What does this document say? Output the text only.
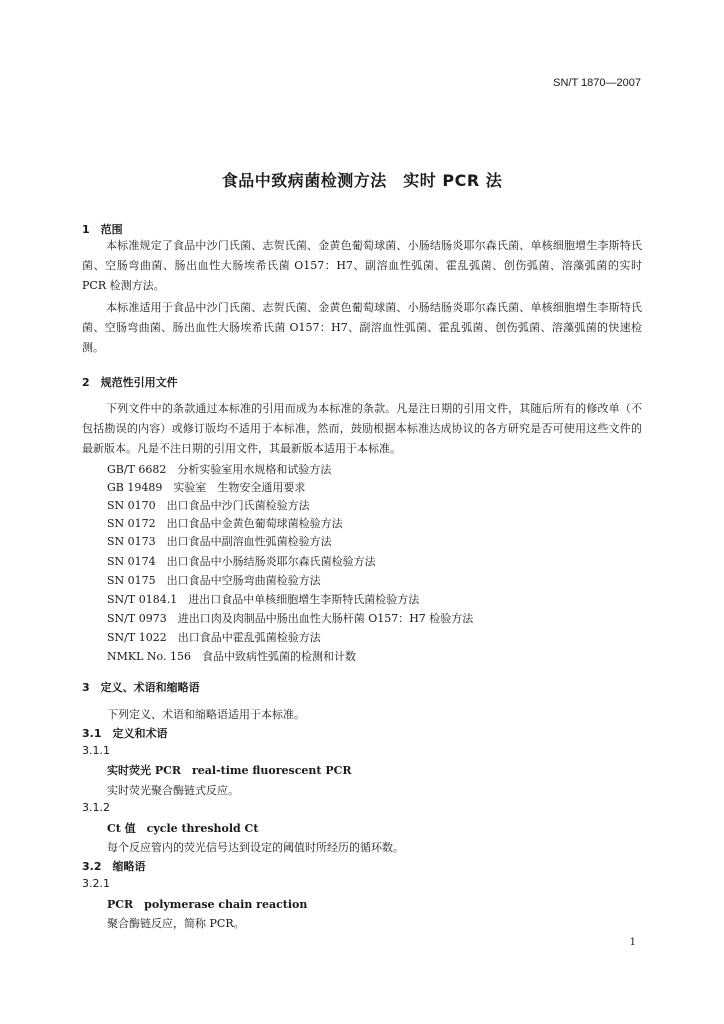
SN/T 1870—2007
食品中致病菌检测方法　实时 PCR 法
1　范围
本标准规定了食品中沙门氏菌、志贺氏菌、金黄色葡萄球菌、小肠结肠炎耶尔森氏菌、单核细胞增生李斯特氏菌、空肠弯曲菌、肠出血性大肠埃希氏菌 O157：H7、副溶血性弧菌、霍乱弧菌、创伤弧菌、溶藻弧菌的实时 PCR 检测方法。
本标准适用于食品中沙门氏菌、志贺氏菌、金黄色葡萄球菌、小肠结肠炎耶尔森氏菌、单核细胞增生李斯特氏菌、空肠弯曲菌、肠出血性大肠埃希氏菌 O157：H7、副溶血性弧菌、霍乱弧菌、创伤弧菌、溶藻弧菌的快速检测。
2　规范性引用文件
下列文件中的条款通过本标准的引用而成为本标准的条款。凡是注日期的引用文件，其随后所有的修改单（不包括勘误的内容）或修订版均不适用于本标准，然而，鼓励根据本标准达成协议的各方研究是否可使用这些文件的最新版本。凡是不注日期的引用文件，其最新版本适用于本标准。
GB/T 6682　分析实验室用水规格和试验方法
GB 19489　实验室　生物安全通用要求
SN 0170　出口食品中沙门氏菌检验方法
SN 0172　出口食品中金黄色葡萄球菌检验方法
SN 0173　出口食品中副溶血性弧菌检验方法
SN 0174　出口食品中小肠结肠炎耶尔森氏菌检验方法
SN 0175　出口食品中空肠弯曲菌检验方法
SN/T 0184.1　进出口食品中单核细胞增生李斯特氏菌检验方法
SN/T 0973　进出口肉及肉制品中肠出血性大肠杆菌 O157：H7 检验方法
SN/T 1022　出口食品中霍乱弧菌检验方法
NMKL No. 156　食品中致病性弧菌的检测和计数
3　定义、术语和缩略语
下列定义、术语和缩略语适用于本标准。
3.1　定义和术语
3.1.1
实时荧光 PCR　real-time fluorescent PCR
实时荧光聚合酶链式反应。
3.1.2
Ct 值　cycle threshold Ct
每个反应管内的荧光信号达到设定的阈值时所经历的循环数。
3.2　缩略语
3.2.1
PCR　polymerase chain reaction
聚合酶链反应，简称 PCR。
1
